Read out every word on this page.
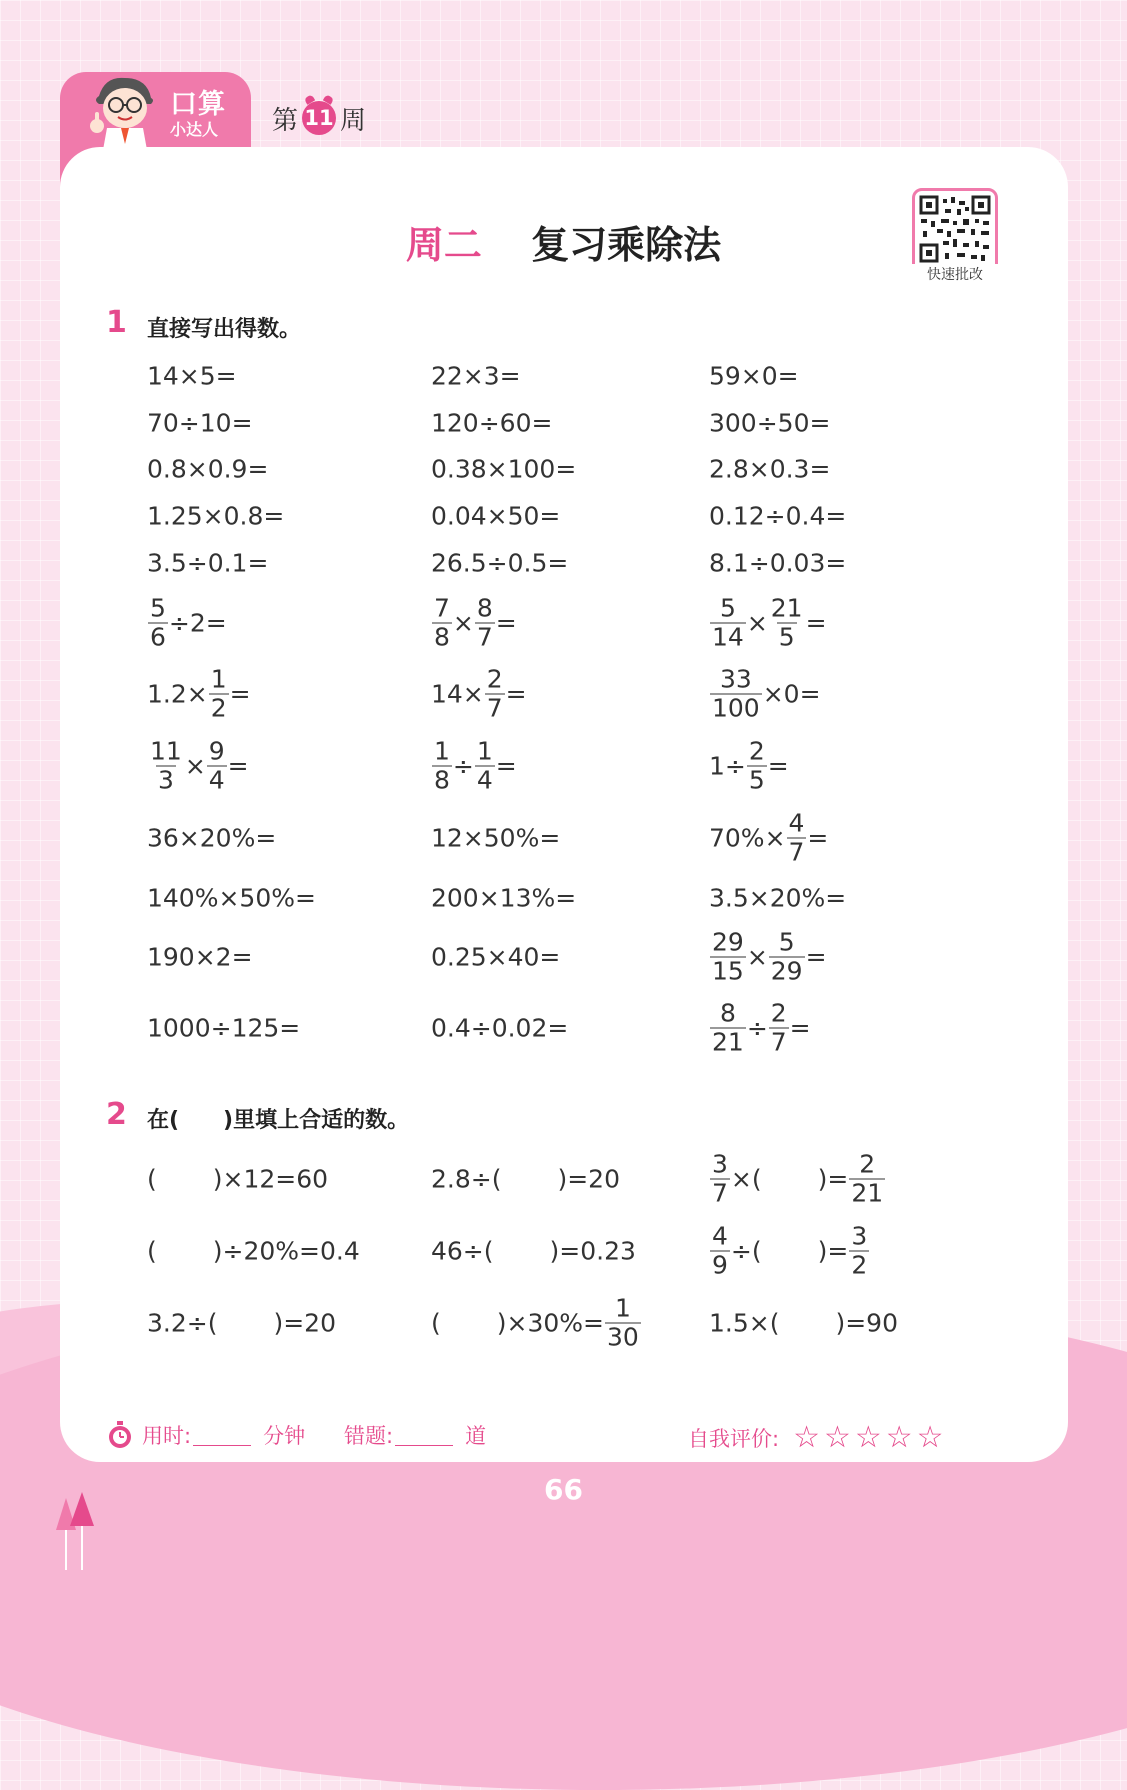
口算
小达人 第 11 周
周二 复习乘除法
快速批改
1 直接写出得数。
14×5=	22×3=	59×0=
70÷10=	120÷60=	300÷50=
0.8×0.9=	0.38×100=	2.8×0.3=
1.25×0.8=	0.04×50=	0.12÷0.4=
3.5÷0.1=	26.5÷0.5=	8.1÷0.03=
$\frac{5}{6} \div 2=$	$\frac{7}{8} \times \frac{8}{7}$ =	$\frac{5}{14} \times \frac{21}{5}$ =
$1.2\times \frac{1}{2}$ =	$14\times \frac{2}{7}$ =	$\frac{33}{100} \times 0=$
$\frac{11}{3} \times \frac{9}{4}$ =	$\frac{1}{8} \div \frac{1}{4}$ =	$1\div \frac{2}{5}$ =
36×20%=	12×50%=	$70\%\times \frac{4}{7}$ =
140%×50%=	200×13%=	3.5×20%=
190×2=	0.25×40=	$\frac{29}{15} \times \frac{5}{29}$ =
1000÷125=	0.4÷0.02=	$\frac{8}{21} \div \frac{2}{7}$ =
2 在(　　)里填上合适的数。
( )×12=60	2.8÷( )=20	$\frac{3}{7}$ ×( )= $\frac{2}{21}$
( )÷20%=0.4	46÷( )=0.23	$\frac{4}{9}$ ÷( )= $\frac{3}{2}$
3.2÷( )=20	( )$\times 30\%= \frac{1}{30}$	1.5×( )=90
用时:	分钟 错题:	道	自我评价: ☆☆☆☆☆
66
